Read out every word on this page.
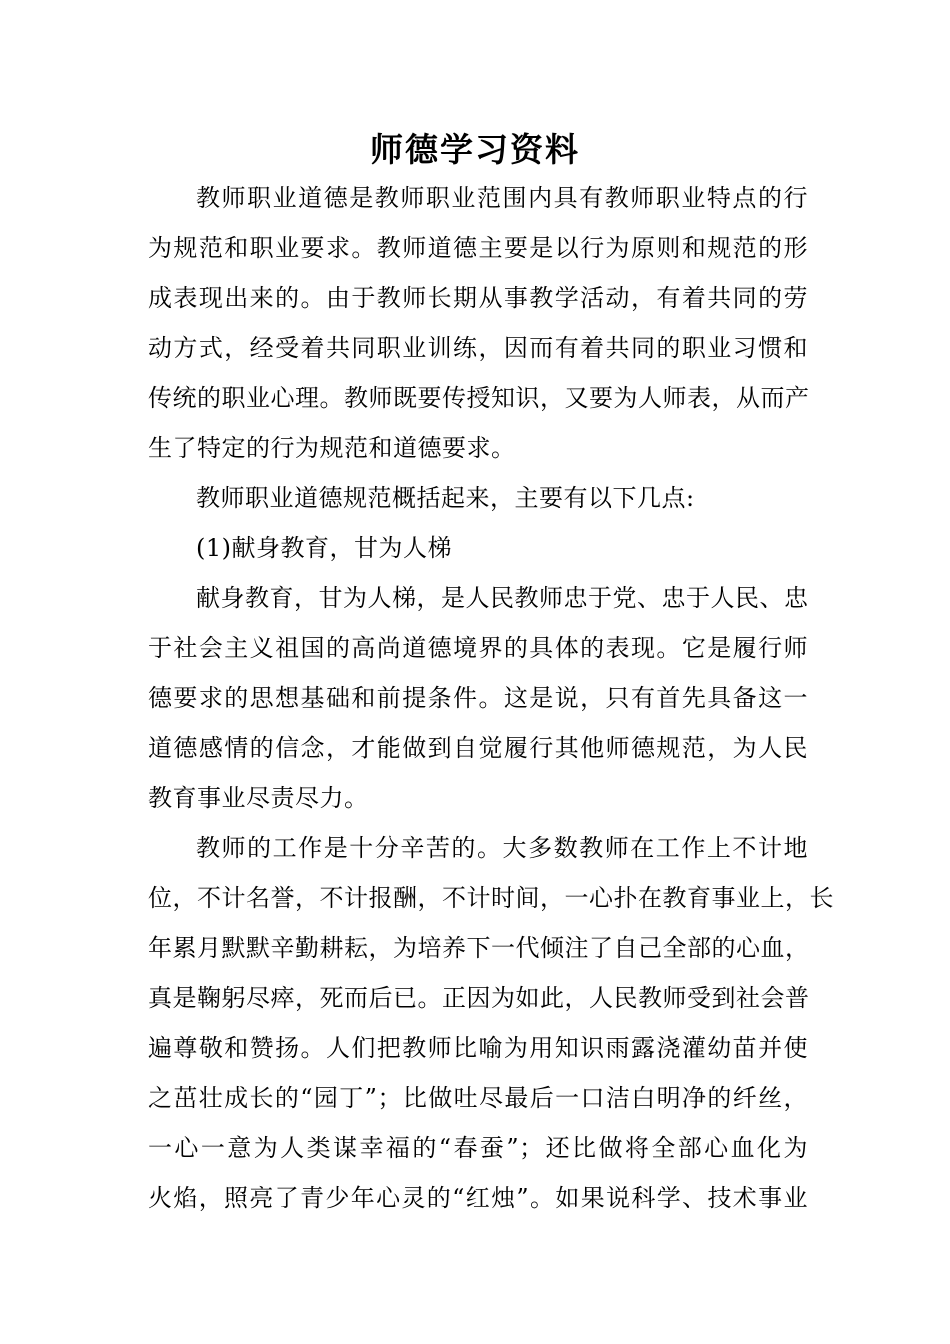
师德学习资料
教师职业道德是教师职业范围内具有教师职业特点的行
为规范和职业要求。教师道德主要是以行为原则和规范的形
成表现出来的。由于教师长期从事教学活动，有着共同的劳
动方式，经受着共同职业训练，因而有着共同的职业习惯和
传统的职业心理。教师既要传授知识，又要为人师表，从而产
生了特定的行为规范和道德要求。
教师职业道德规范概括起来，主要有以下几点:
(1)献身教育，甘为人梯
献身教育，甘为人梯，是人民教师忠于党、忠于人民、忠
于社会主义祖国的高尚道德境界的具体的表现。它是履行师
德要求的思想基础和前提条件。这是说，只有首先具备这一
道德感情的信念，才能做到自觉履行其他师德规范，为人民
教育事业尽责尽力。
教师的工作是十分辛苦的。大多数教师在工作上不计地
位，不计名誉，不计报酬，不计时间，一心扑在教育事业上，长
年累月默默辛勤耕耘，为培养下一代倾注了自己全部的心血，
真是鞠躬尽瘁，死而后已。正因为如此，人民教师受到社会普
遍尊敬和赞扬。人们把教师比喻为用知识雨露浇灌幼苗并使
之茁壮成长的“园丁”；比做吐尽最后一口洁白明净的纤丝，
一心一意为人类谋幸福的“春蚕”；还比做将全部心血化为
火焰，照亮了青少年心灵的“红烛”。如果说科学、技术事业
